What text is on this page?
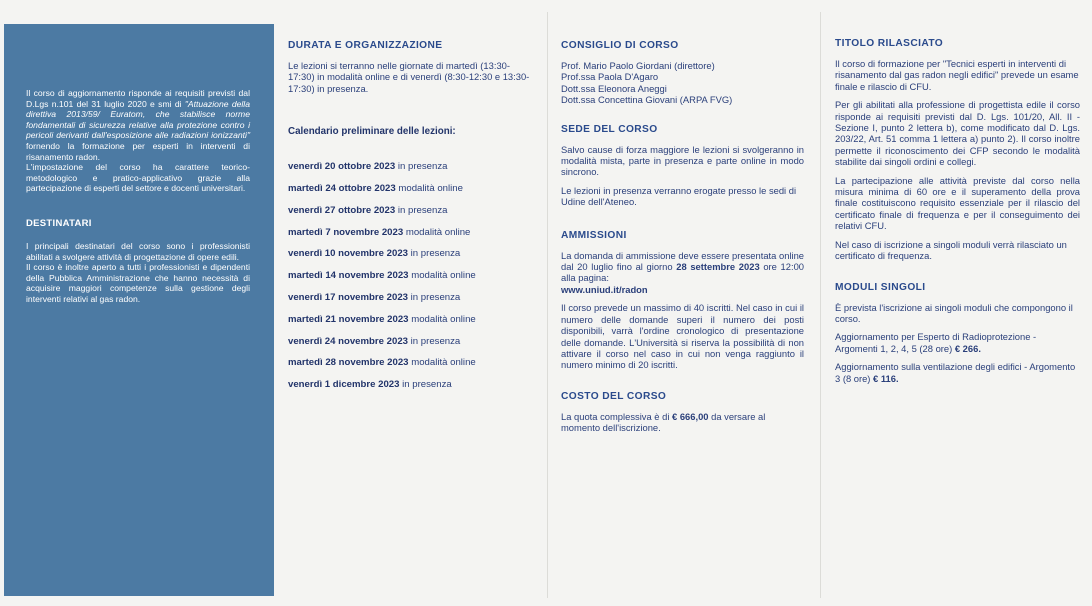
Il corso di aggiornamento risponde ai requisiti previsti dal D.Lgs n.101 del 31 luglio 2020 e smi di "Attuazione della direttiva 2013/59/ Euratom, che stabilisce norme fondamentali di sicurezza relative alla protezione contro i pericoli derivanti dall'esposizione alle radiazioni ionizzanti" fornendo la formazione per esperti in interventi di risanamento radon.

L'impostazione del corso ha carattere teorico-metodologico e pratico-applicativo grazie alla partecipazione di esperti del settore e docenti universitari.

DESTINATARI

I principali destinatari del corso sono i professionisti abilitati a svolgere attività di progettazione di opere edili.

Il corso è inoltre aperto a tutti i professionisti e dipendenti della Pubblica Amministrazione che hanno necessità di acquisire maggiori competenze sulla gestione degli interventi relativi al gas radon.

DURATA E ORGANIZZAZIONE

Le lezioni si terranno nelle giornate di martedì (13:30-17:30) in modalità online e di venerdì (8:30-12:30 e 13:30-17:30) in presenza.

Calendario preliminare delle lezioni:
venerdì 20 ottobre 2023 in presenza
martedì 24 ottobre 2023 modalità online
venerdì 27 ottobre 2023 in presenza
martedì 7 novembre 2023 modalità online
venerdì 10 novembre 2023 in presenza
martedì 14 novembre 2023 modalità online
venerdì 17 novembre 2023 in presenza
martedì 21 novembre 2023 modalità online
venerdì 24 novembre 2023 in presenza
martedì 28 novembre 2023 modalità online
venerdì 1 dicembre 2023 in presenza
CONSIGLIO DI CORSO

Prof. Mario Paolo Giordani (direttore)

Prof.ssa Paola D'Agaro

Dott.ssa Eleonora Aneggi

Dott.ssa Concettina Giovani (ARPA FVG)

SEDE DEL CORSO

Salvo cause di forza maggiore le lezioni si svolgeranno in modalità mista, parte in presenza e parte online in modo sincrono.

Le lezioni in presenza verranno erogate presso le sedi di Udine dell'Ateneo.

AMMISSIONI

La domanda di ammissione deve essere presentata online dal 20 luglio fino al giorno 28 settembre 2023 ore 12:00 alla pagina:
www.uniud.it/radon

Il corso prevede un massimo di 40 iscritti. Nel caso in cui il numero delle domande superi il numero dei posti disponibili, varrà l'ordine cronologico di presentazione delle domande. L'Università si riserva la possibilità di non attivare il corso nel caso in cui non venga raggiunto il numero minimo di 20 iscritti.

COSTO DEL CORSO

La quota complessiva è di € 666,00 da versare al momento dell'iscrizione.

TITOLO RILASCIATO

Il corso di formazione per "Tecnici esperti in interventi di risanamento dal gas radon negli edifici" prevede un esame finale e rilascio di CFU.

Per gli abilitati alla professione di progettista edile il corso risponde ai requisiti previsti dal D. Lgs. 101/20, All. II - Sezione I, punto 2 lettera b), come modificato dal D. Lgs. 203/22, Art. 51 comma 1 lettera a) punto 2). Il corso inoltre permette il riconoscimento dei CFP secondo le modalità stabilite dai singoli ordini e collegi.

La partecipazione alle attività previste dal corso nella misura minima di 60 ore e il superamento della prova finale costituiscono requisito essenziale per il rilascio del certificato finale di frequenza e per il conseguimento dei relativi CFU.

Nel caso di iscrizione a singoli moduli verrà rilasciato un certificato di frequenza.

MODULI SINGOLI

È prevista l'iscrizione ai singoli moduli che compongono il corso.

Aggiornamento per Esperto di Radioprotezione - Argomenti 1, 2, 4, 5 (28 ore) € 266.

Aggiornamento sulla ventilazione degli edifici - Argomento 3 (8 ore) € 116.
